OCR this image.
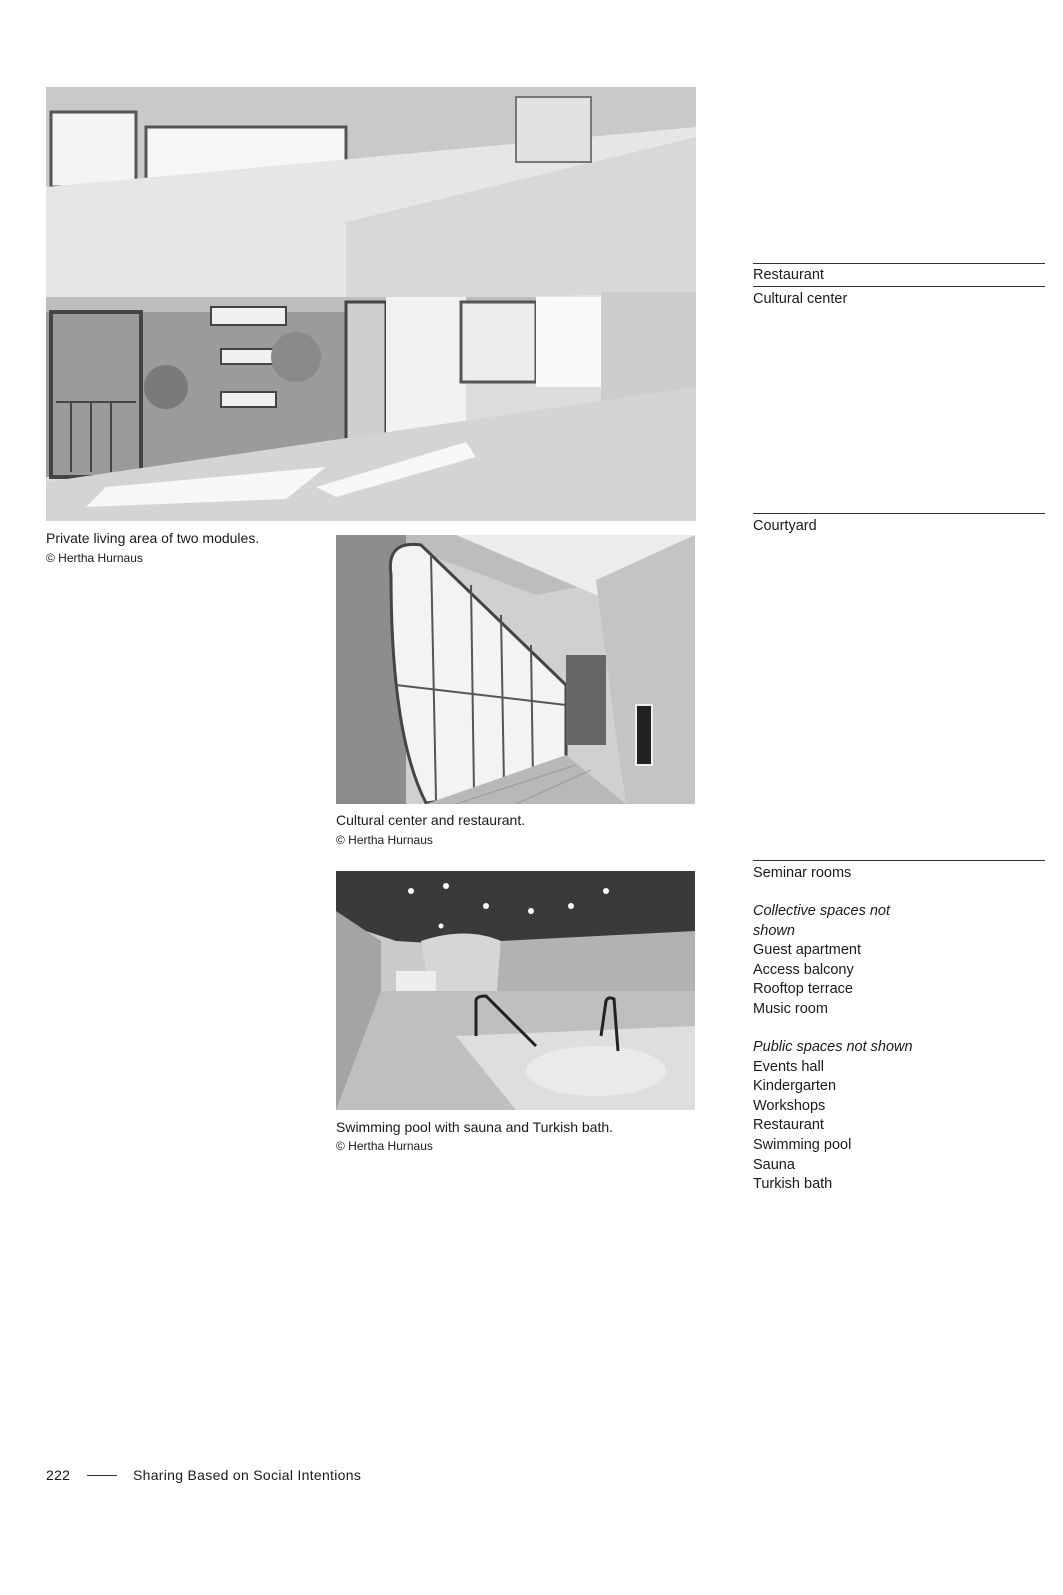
Private living area of two modules.
© Hertha Hurnaus
Cultural center and restaurant.
© Hertha Hurnaus
Swimming pool with sauna and Turkish bath.
© Hertha Hurnaus
Restaurant
Cultural center
Courtyard
Seminar rooms
Collective spaces not
shown
Guest apartment
Access balcony
Rooftop terrace
Music room
Public spaces not shown
Events hall
Kindergarten
Workshops
Restaurant
Swimming pool
Sauna
Turkish bath
222	Sharing Based on Social Intentions
